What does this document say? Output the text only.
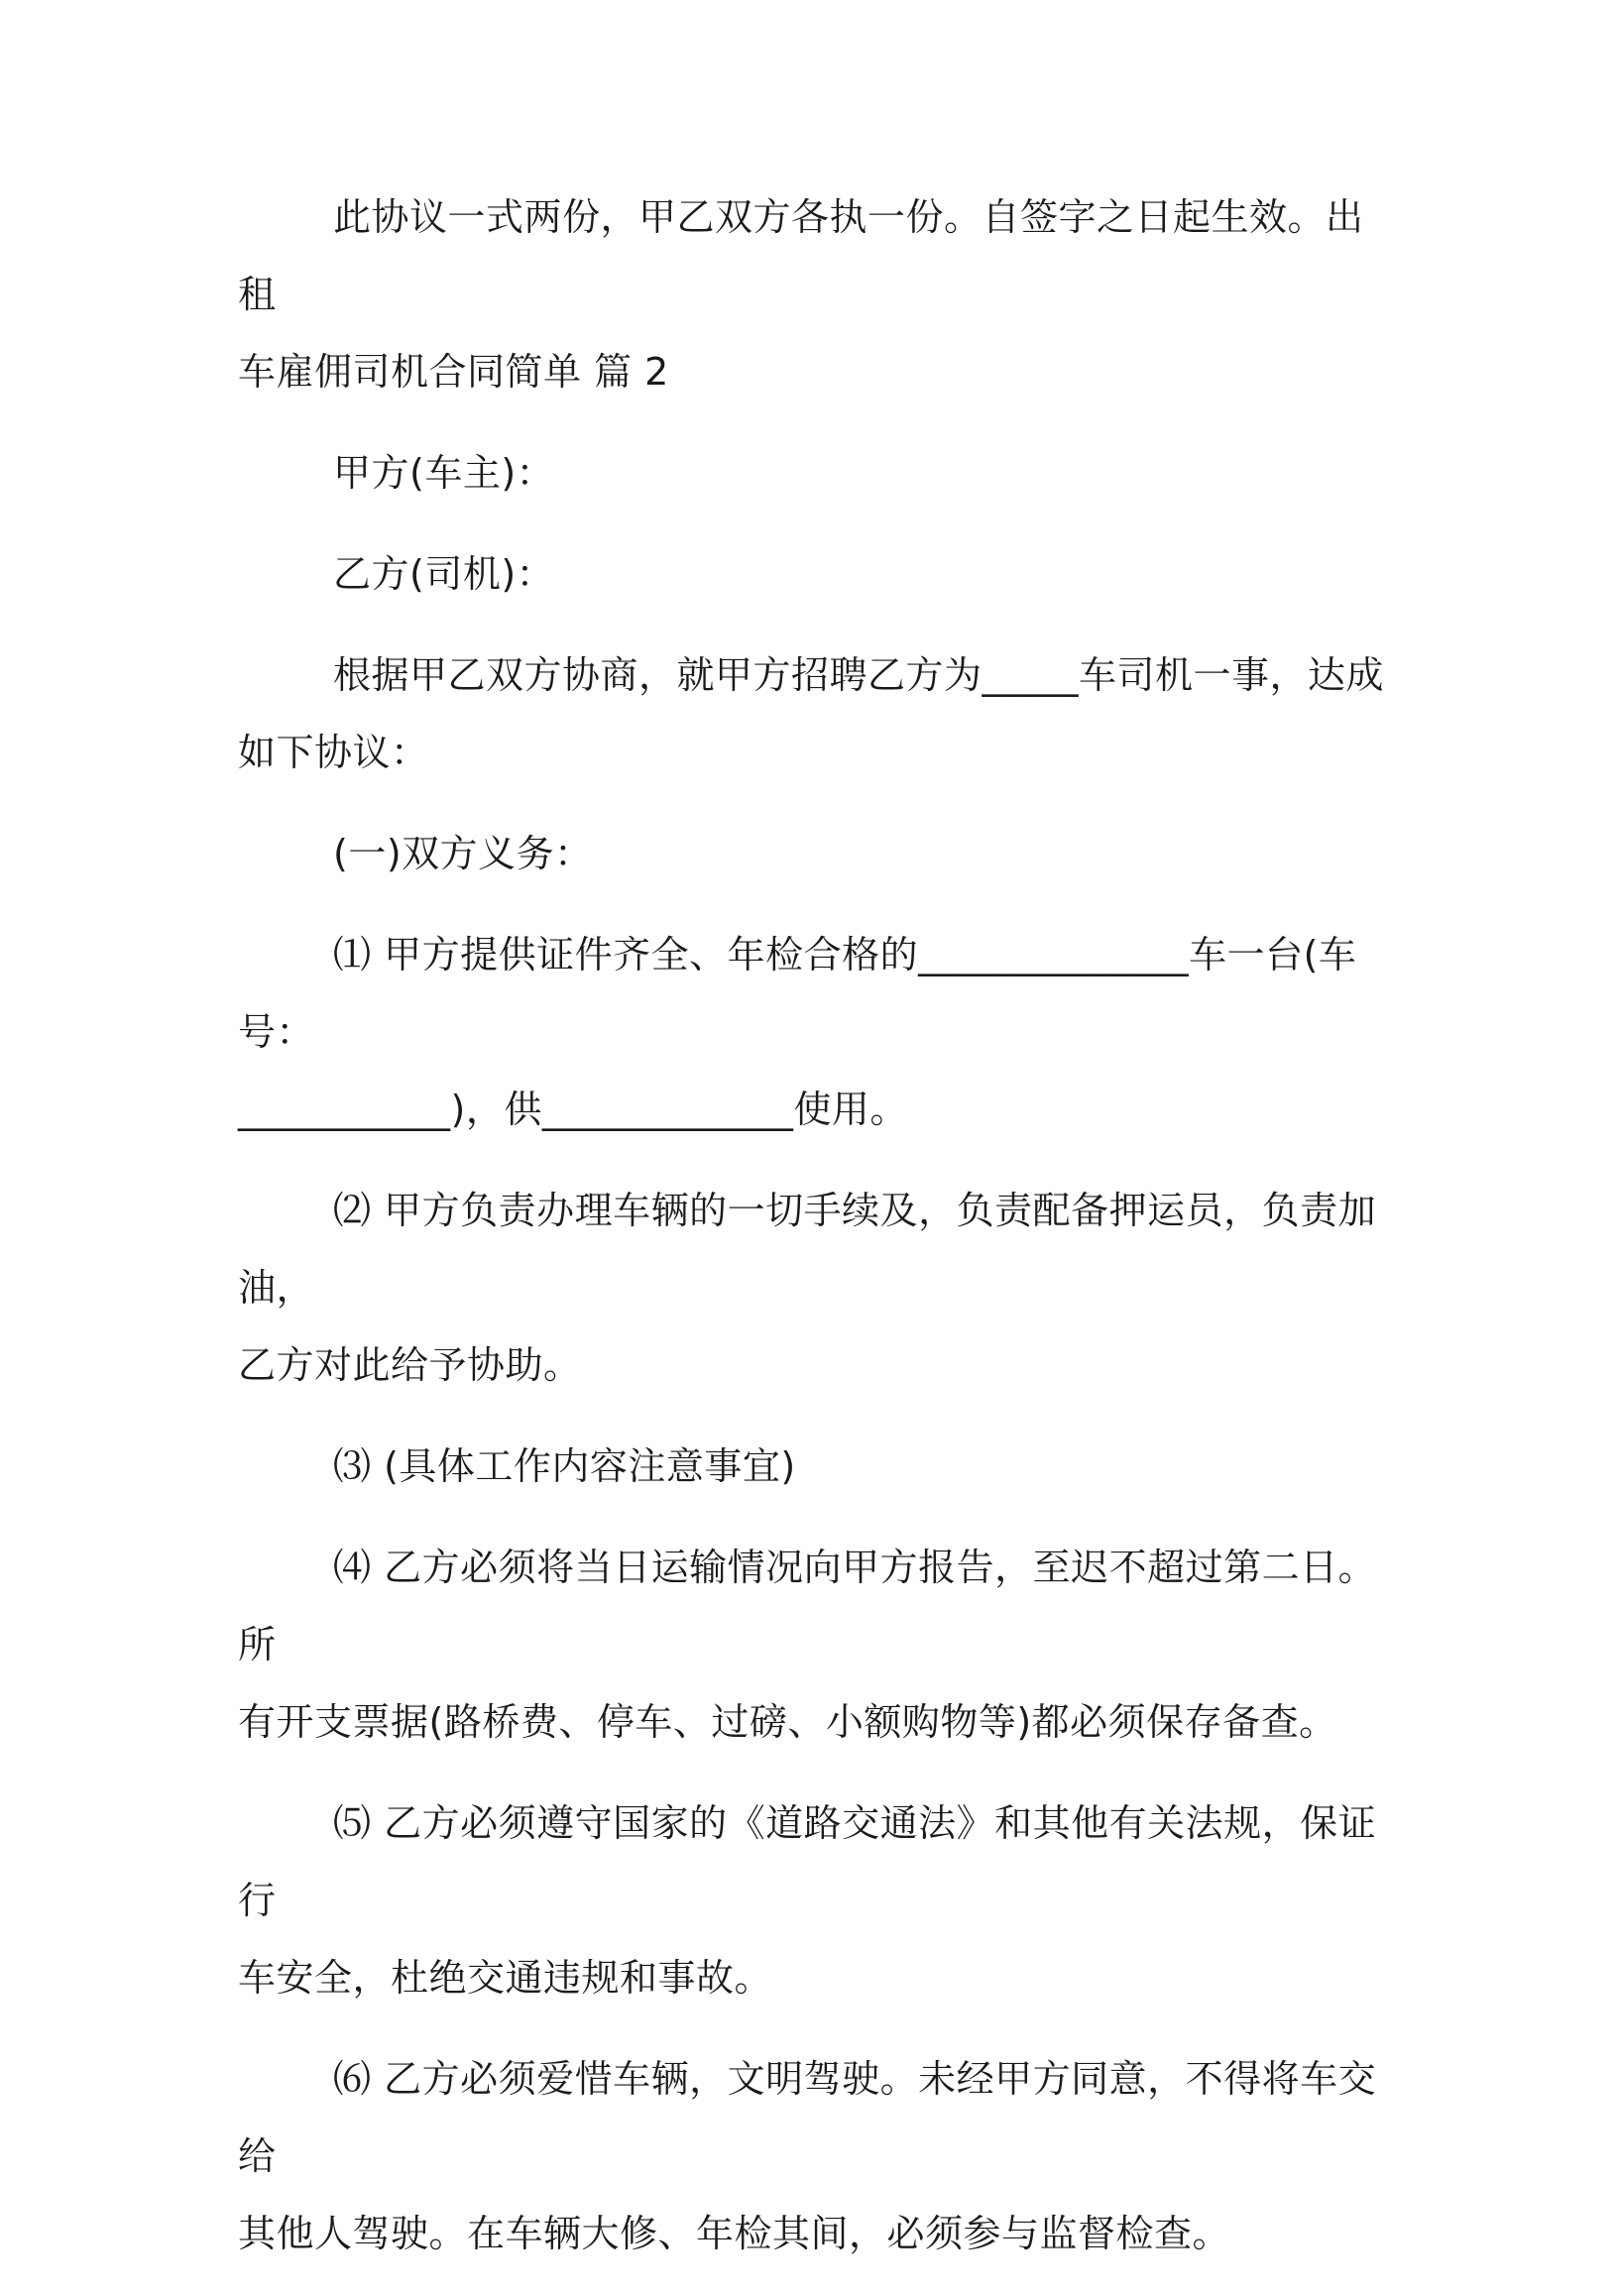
此协议一式两份，甲乙双方各执一份。自签字之日起生效。出租
车雇佣司机合同简单 篇 2
甲方(车主)：
乙方(司机)：
根据甲乙双方协商，就甲方招聘乙方为_____车司机一事，达成
如下协议：
(一)双方义务：
⑴ 甲方提供证件齐全、年检合格的______________车一台(车号：
___________)，供_____________使用。
⑵ 甲方负责办理车辆的一切手续及，负责配备押运员，负责加油，
乙方对此给予协助。
⑶ (具体工作内容注意事宜)
⑷ 乙方必须将当日运输情况向甲方报告，至迟不超过第二日。所
有开支票据(路桥费、停车、过磅、小额购物等)都必须保存备查。
⑸ 乙方必须遵守国家的《道路交通法》和其他有关法规，保证行
车安全，杜绝交通违规和事故。
⑹ 乙方必须爱惜车辆，文明驾驶。未经甲方同意，不得将车交给
其他人驾驶。在车辆大修、年检其间，必须参与监督检查。
